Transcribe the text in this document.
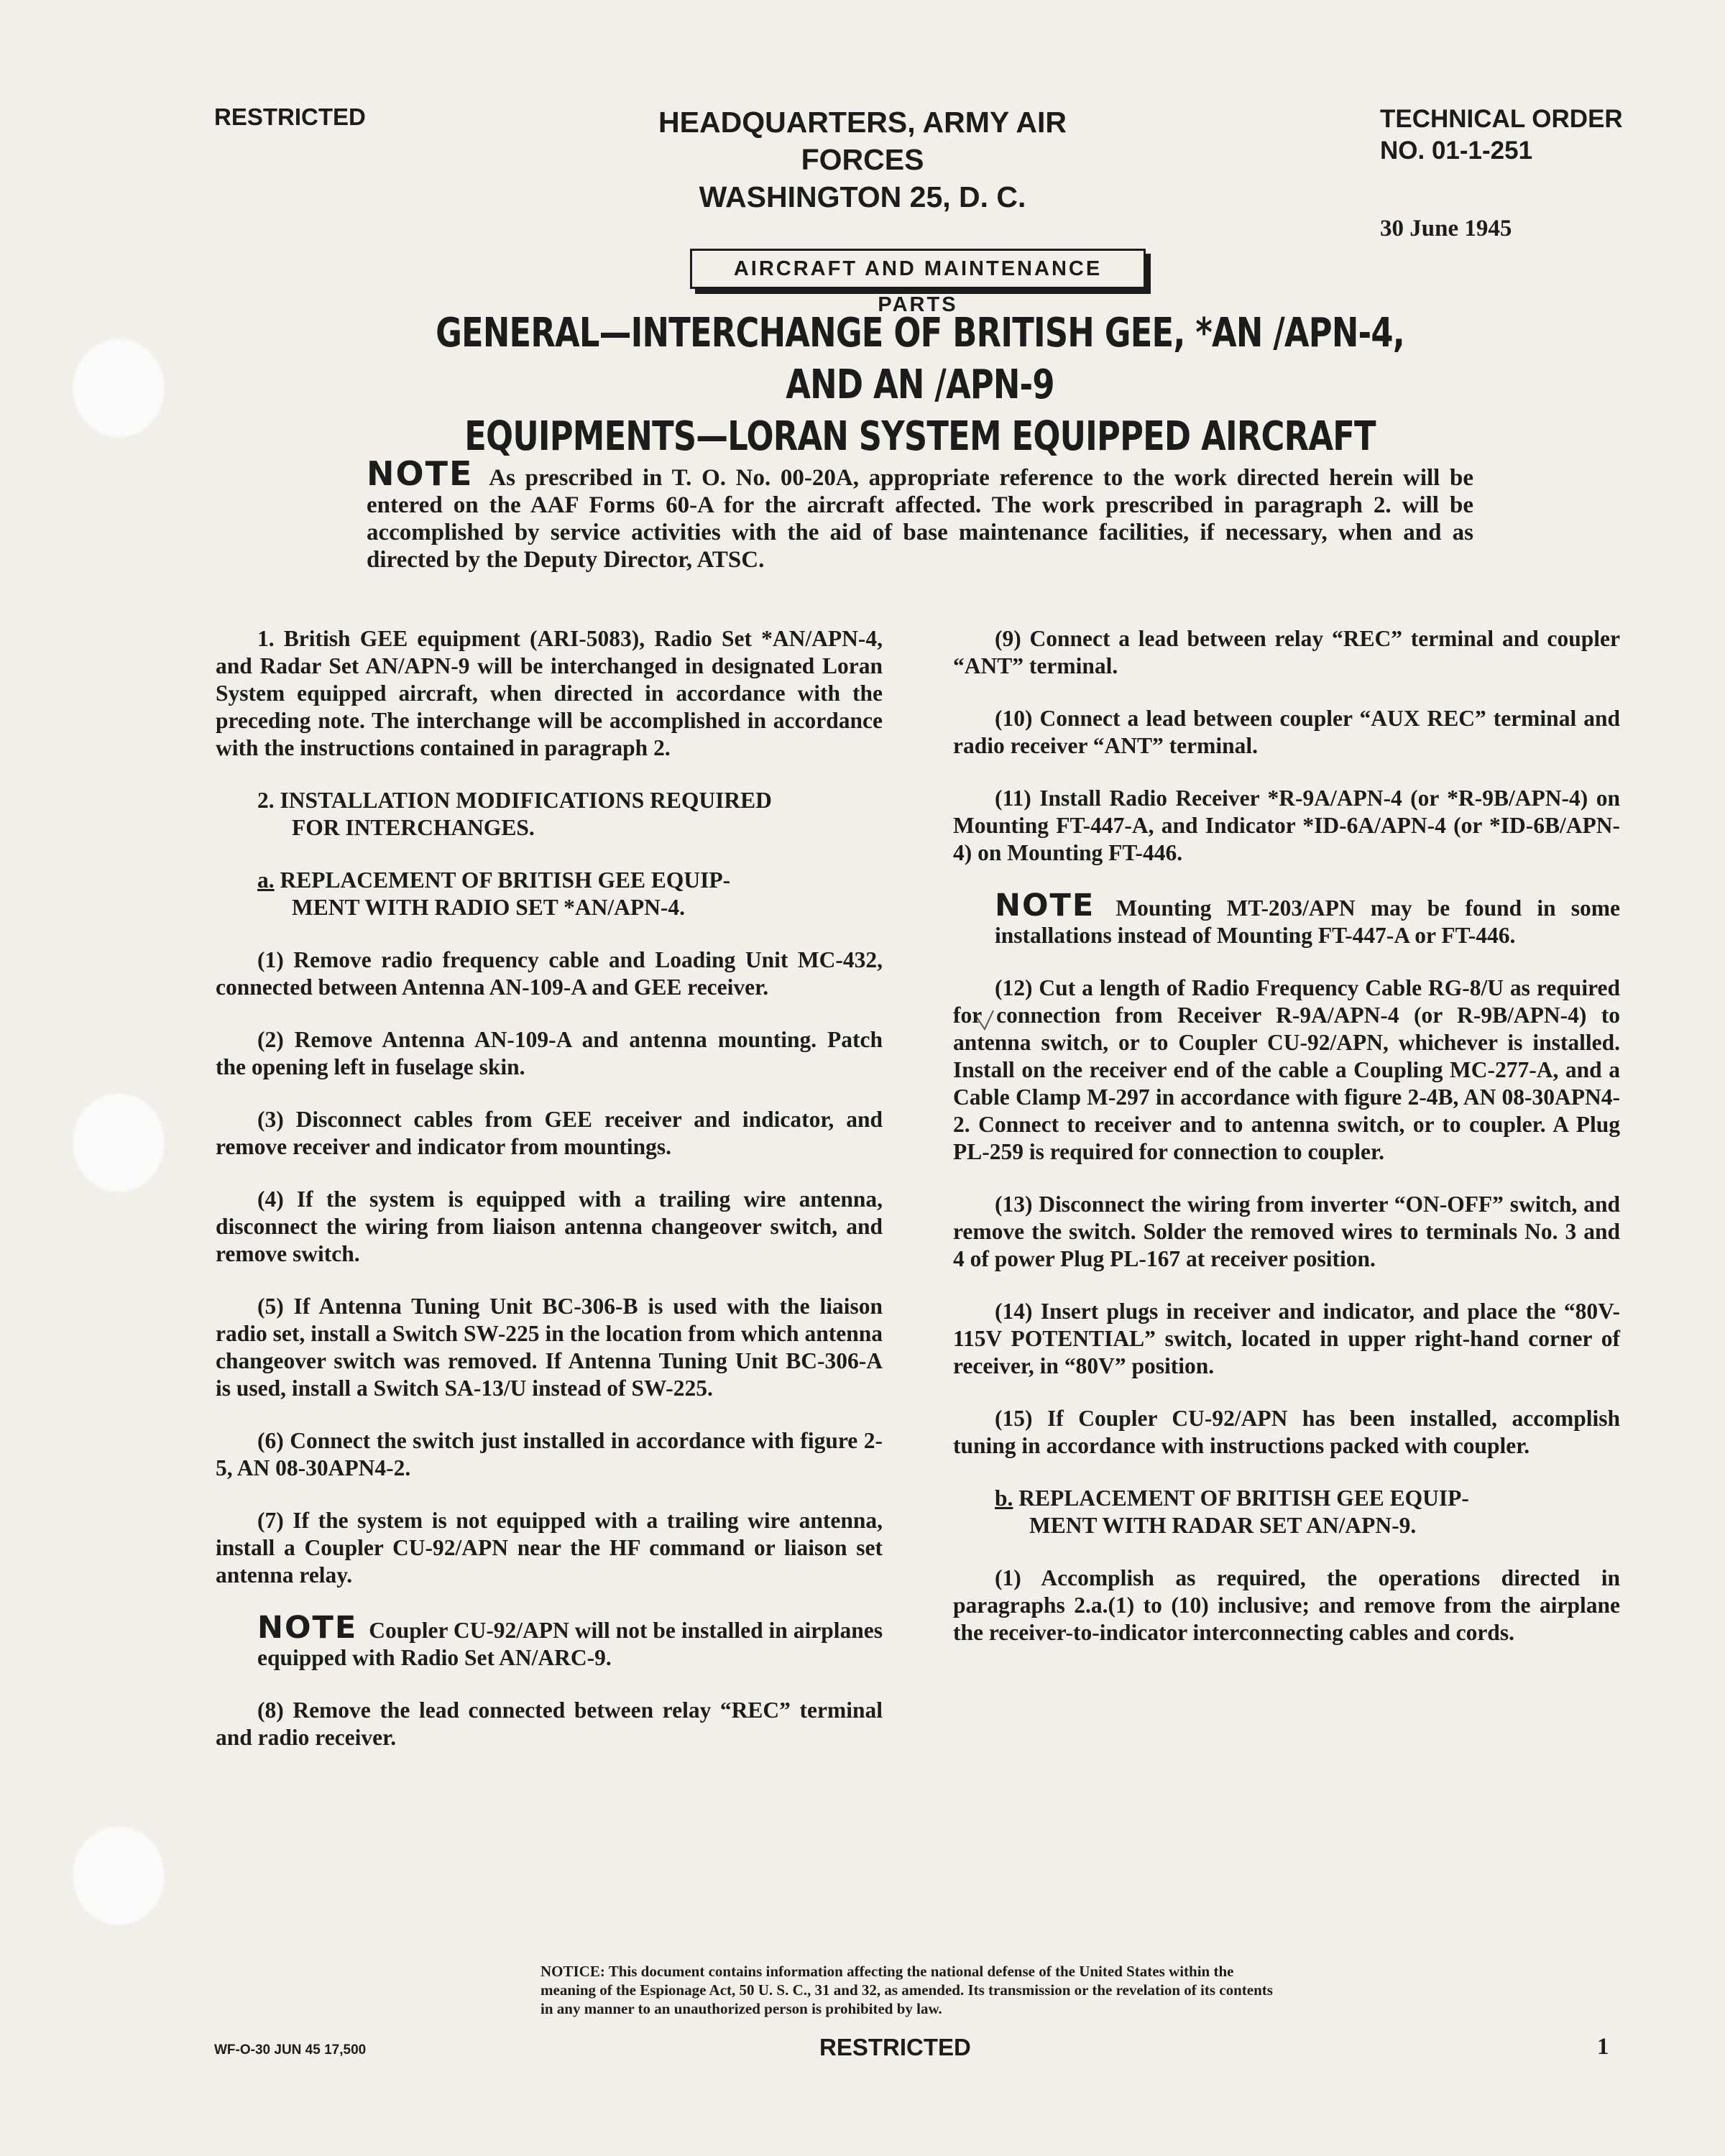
RESTRICTED	HEADQUARTERS, ARMY AIR FORCES
WASHINGTON 25, D. C.
TECHNICAL ORDER
NO. 01-1-251
30 June 1945
AIRCRAFT AND MAINTENANCE PARTS
GENERAL—INTERCHANGE OF BRITISH GEE, *AN /APN-4, AND AN /APN-9
EQUIPMENTS—LORAN SYSTEM EQUIPPED AIRCRAFT
NOTE As prescribed in T. O. No. 00-20A, appropriate reference to the work directed herein will be entered on the AAF Forms 60-A for the aircraft affected. The work prescribed in paragraph 2. will be accomplished by service activities with the aid of base maintenance facilities, if necessary, when and as directed by the Deputy Director, ATSC.

1. British GEE equipment (ARI-5083), Radio Set *AN/APN-4, and Radar Set AN/APN-9 will be interchanged in designated Loran System equipped aircraft, when directed in accordance with the preceding note. The interchange will be accomplished in accordance with the instructions contained in paragraph 2.

2. INSTALLATION MODIFICATIONS REQUIRED
FOR INTERCHANGES.

a. REPLACEMENT OF BRITISH GEE EQUIP-
MENT WITH RADIO SET *AN/APN-4.

(1) Remove radio frequency cable and Loading Unit MC-432, connected between Antenna AN-109-A and GEE receiver.

(2) Remove Antenna AN-109-A and antenna mounting. Patch the opening left in fuselage skin.

(3) Disconnect cables from GEE receiver and indicator, and remove receiver and indicator from mountings.

(4) If the system is equipped with a trailing wire antenna, disconnect the wiring from liaison antenna changeover switch, and remove switch.

(5) If Antenna Tuning Unit BC-306-B is used with the liaison radio set, install a Switch SW-225 in the location from which antenna changeover switch was removed. If Antenna Tuning Unit BC-306-A is used, install a Switch SA-13/U instead of SW-225.

(6) Connect the switch just installed in accordance with figure 2-5, AN 08-30APN4-2.

(7) If the system is not equipped with a trailing wire antenna, install a Coupler CU-92/APN near the HF command or liaison set antenna relay.

NOTE Coupler CU-92/APN will not be installed in airplanes equipped with Radio Set AN/ARC-9.

(8) Remove the lead connected between relay “REC” terminal and radio receiver.

(9) Connect a lead between relay “REC” terminal and coupler “ANT” terminal.

(10) Connect a lead between coupler “AUX REC” terminal and radio receiver “ANT” terminal.

(11) Install Radio Receiver *R-9A/APN-4 (or *R-9B/APN-4) on Mounting FT-447-A, and Indicator *ID-6A/APN-4 (or *ID-6B/APN-4) on Mounting FT-446.

NOTE Mounting MT-203/APN may be found in some installations instead of Mounting FT-447-A or FT-446.

(12) Cut a length of Radio Frequency Cable RG-8/U as required for connection from Receiver R-9A/APN-4 (or R-9B/APN-4) to antenna switch, or to Coupler CU-92/APN, whichever is installed. Install on the receiver end of the cable a Coupling MC-277-A, and a Cable Clamp M-297 in accordance with figure 2-4B, AN 08-30APN4-2. Connect to receiver and to antenna switch, or to coupler. A Plug PL-259 is required for connection to coupler.

(13) Disconnect the wiring from inverter “ON-OFF” switch, and remove the switch. Solder the removed wires to terminals No. 3 and 4 of power Plug PL-167 at receiver position.

(14) Insert plugs in receiver and indicator, and place the “80V-115V POTENTIAL” switch, located in upper right-hand corner of receiver, in “80V” position.

(15) If Coupler CU-92/APN has been installed, accomplish tuning in accordance with instructions packed with coupler.

b. REPLACEMENT OF BRITISH GEE EQUIP-
MENT WITH RADAR SET AN/APN-9.

(1) Accomplish as required, the operations directed in paragraphs 2.a.(1) to (10) inclusive; and remove from the airplane the receiver-to-indicator interconnecting cables and cords.

NOTICE: This document contains information affecting the national defense of the United States within the meaning of the Espionage Act, 50 U. S. C., 31 and 32, as amended. Its transmission or the revelation of its contents in any manner to an unauthorized person is prohibited by law.
WF-O-30 JUN 45 17,500	RESTRICTED	1
